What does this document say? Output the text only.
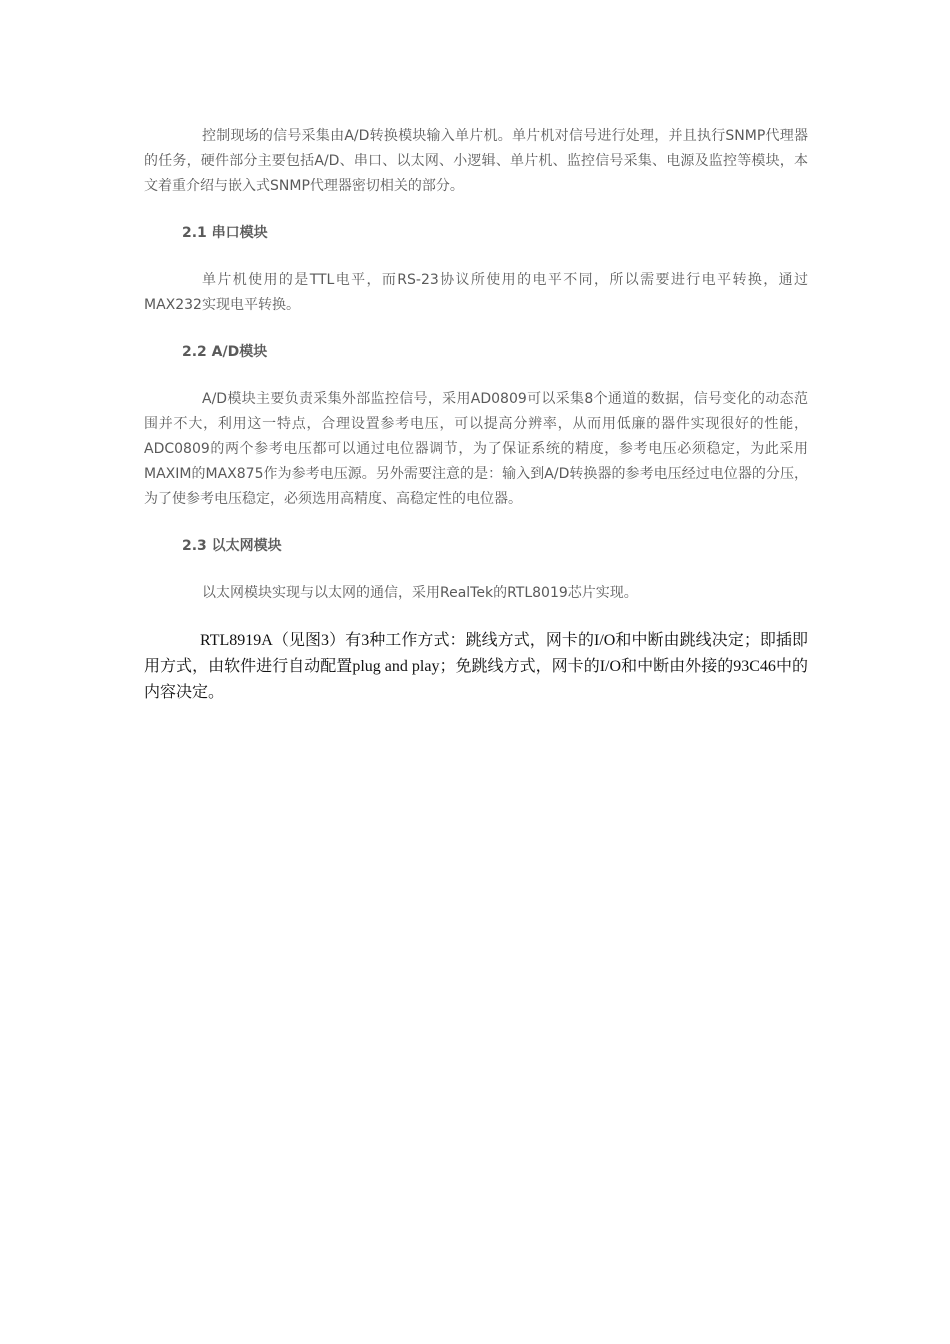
控制现场的信号采集由A/D转换模块输入单片机。单片机对信号进行处理，并且执行SNMP代理器的任务，硬件部分主要包括A/D、串口、以太网、小逻辑、单片机、监控信号采集、电源及监控等模块，本文着重介绍与嵌入式SNMP代理器密切相关的部分。

2.1 串口模块

单片机使用的是TTL电平，而RS-23协议所使用的电平不同，所以需要进行电平转换，通过MAX232实现电平转换。

2.2 A/D模块

A/D模块主要负责采集外部监控信号，采用AD0809可以采集8个通道的数据，信号变化的动态范围并不大，利用这一特点，合理设置参考电压，可以提高分辨率，从而用低廉的器件实现很好的性能，ADC0809的两个参考电压都可以通过电位器调节，为了保证系统的精度，参考电压必须稳定，为此采用MAXIM的MAX875作为参考电压源。另外需要注意的是：输入到A/D转换器的参考电压经过电位器的分压，为了使参考电压稳定，必须选用高精度、高稳定性的电位器。

2.3 以太网模块

以太网模块实现与以太网的通信，采用RealTek的RTL8019芯片实现。

RTL8919A（见图3）有3种工作方式：跳线方式，网卡的I/O和中断由跳线决定；即插即用方式，由软件进行自动配置plug and play；免跳线方式，网卡的I/O和中断由外接的93C46中的内容决定。
